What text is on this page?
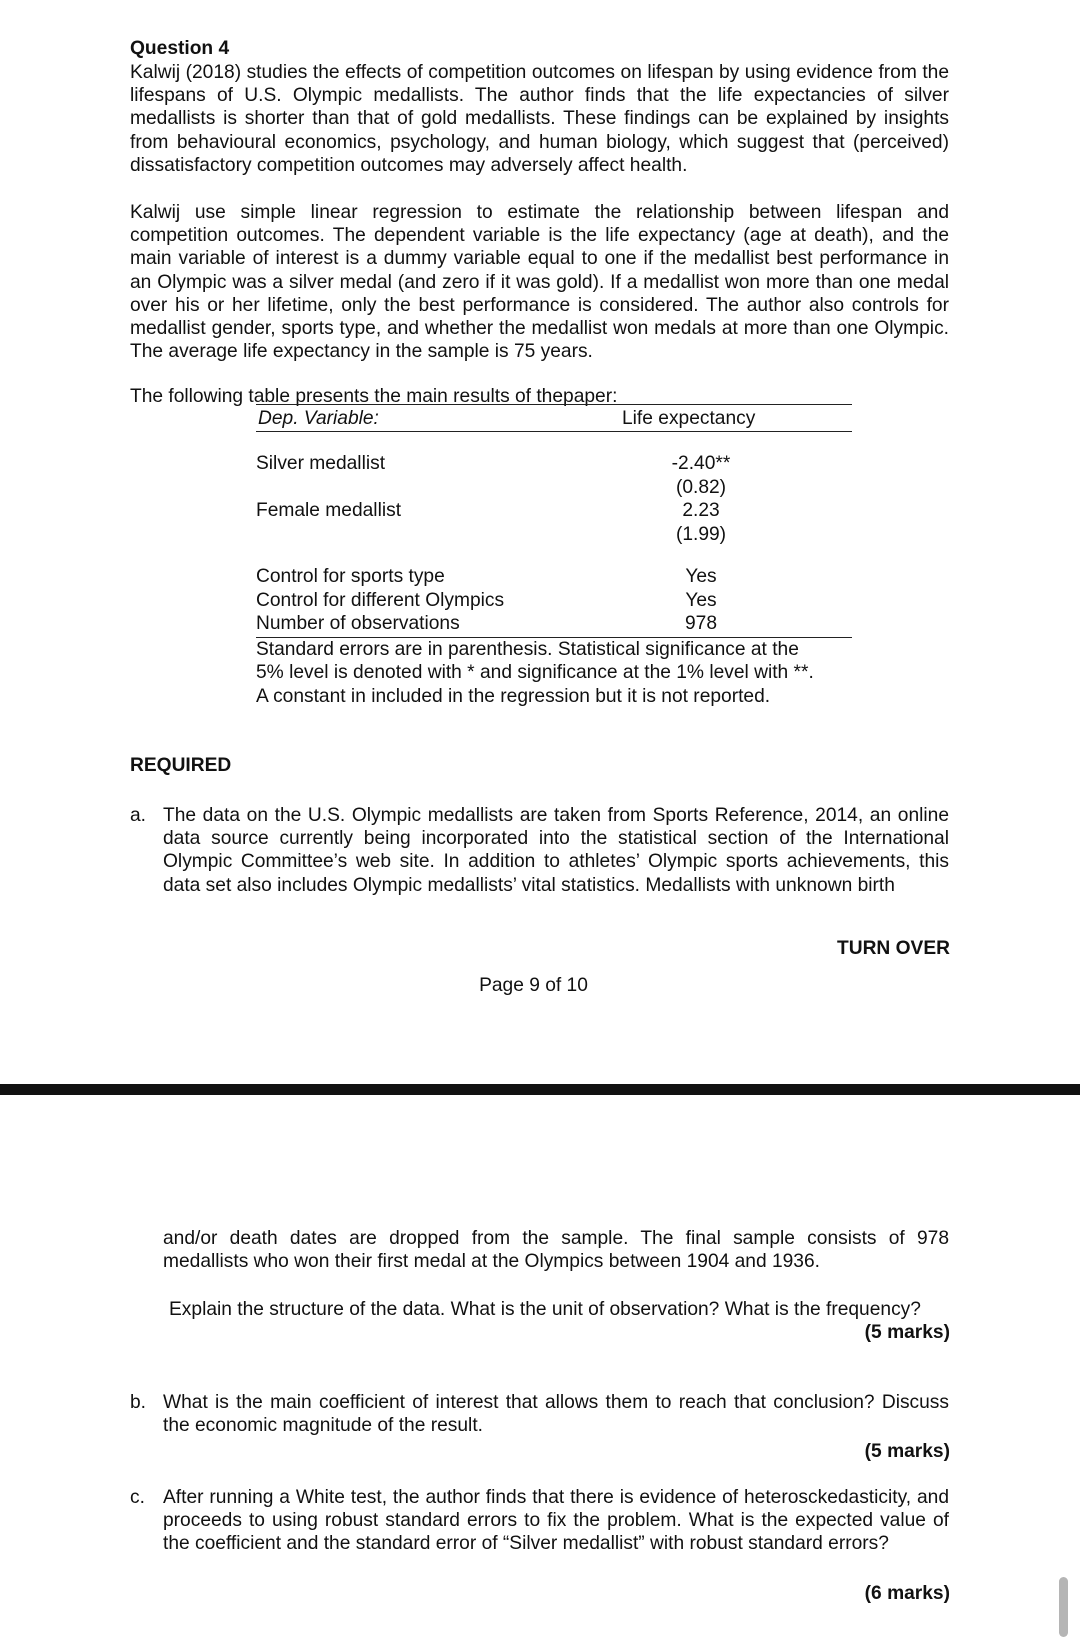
Question 4
Kalwij (2018) studies the effects of competition outcomes on lifespan by using evidence from the lifespans of U.S. Olympic medallists. The author finds that the life expectancies of silver medallists is shorter than that of gold medallists. These findings can be explained by insights from behavioural economics, psychology, and human biology, which suggest that (perceived) dissatisfactory competition outcomes may adversely affect health.
Kalwij use simple linear regression to estimate the relationship between lifespan and competition outcomes. The dependent variable is the life expectancy (age at death), and the main variable of interest is a dummy variable equal to one if the medallist best performance in an Olympic was a silver medal (and zero if it was gold). If a medallist won more than one medal over his or her lifetime, only the best performance is considered. The author also controls for medallist gender, sports type, and whether the medallist won medals at more than one Olympic. The average life expectancy in the sample is 75 years.
The following table presents the main results of thepaper:
Dep. Variable:	Life expectancy
Silver medallist	-2.40**
(0.82)
Female medallist	2.23
(1.99)
Control for sports type	Yes
Control for different Olympics	Yes
Number of observations	978
Standard errors are in parenthesis. Statistical significance at the
5% level is denoted with * and significance at the 1% level with **.
A constant in included in the regression but it is not reported.
REQUIRED
a. The data on the U.S. Olympic medallists are taken from Sports Reference, 2014, an online data source currently being incorporated into the statistical section of the International Olympic Committee’s web site. In addition to athletes’ Olympic sports achievements, this data set also includes Olympic medallists’ vital statistics. Medallists with unknown birth
TURN OVER
Page 9 of 10
and/or death dates are dropped from the sample. The final sample consists of 978 medallists who won their first medal at the Olympics between 1904 and 1936.
Explain the structure of the data. What is the unit of observation? What is the frequency?
(5 marks)
b. What is the main coefficient of interest that allows them to reach that conclusion? Discuss the economic magnitude of the result.
(5 marks)
c. After running a White test, the author finds that there is evidence of heterosckedasticity, and proceeds to using robust standard errors to fix the problem. What is the expected value of the coefficient and the standard error of “Silver medallist” with robust standard errors?
(6 marks)
